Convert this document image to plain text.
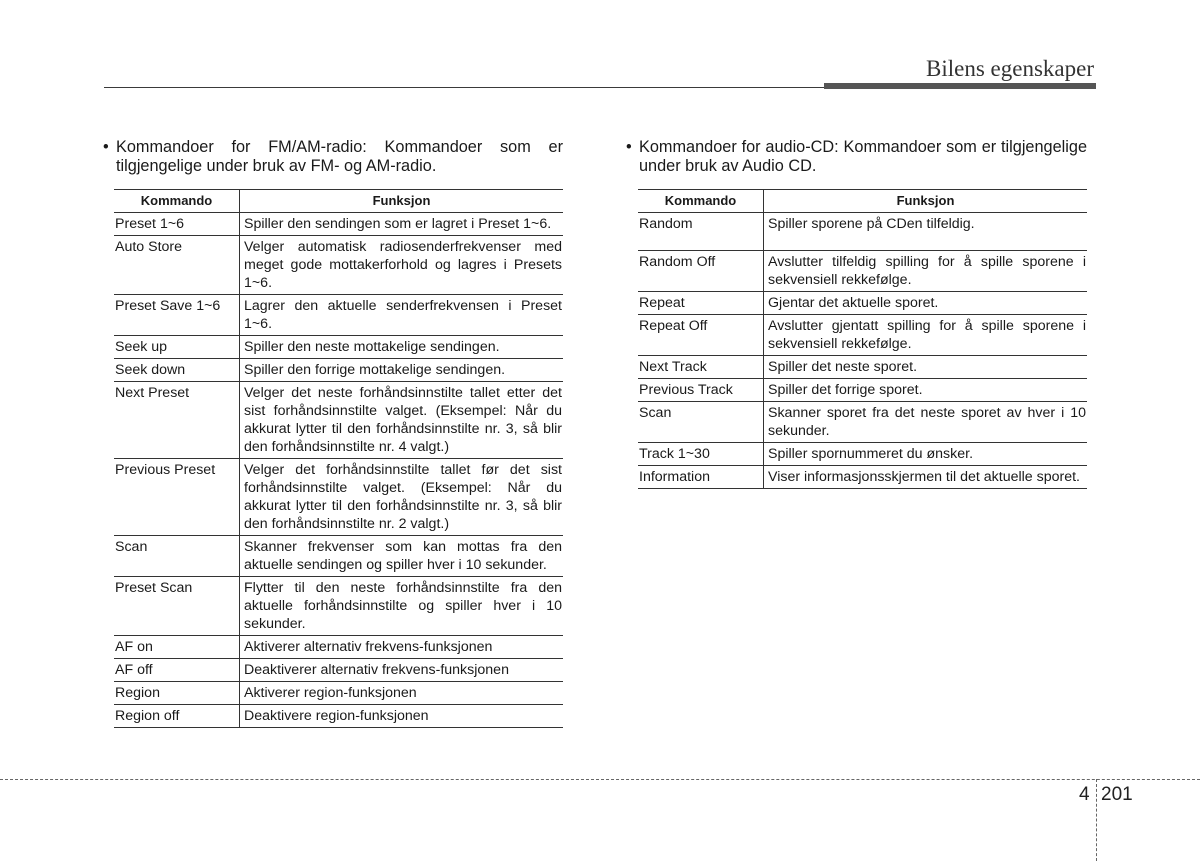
Bilens egenskaper

• Kommandoer for FM/AM-radio: Kommandoer som er tilgjengelige under bruk av FM- og AM-radio.

Kommando	Funksjon
Preset 1~6	Spiller den sendingen som er lagret i Preset 1~6.
Auto Store	Velger automatisk radiosenderfrekvenser med meget gode mottakerforhold og lagres i Presets 1~6.
Preset Save 1~6	Lagrer den aktuelle senderfrekvensen i Preset 1~6.
Seek up	Spiller den neste mottakelige sendingen.
Seek down	Spiller den forrige mottakelige sendingen.
Next Preset	Velger det neste forhåndsinnstilte tallet etter det sist forhåndsinnstilte valget. (Eksempel: Når du akkurat lytter til den forhåndsinnstilte nr. 3, så blir den forhåndsinnstilte nr. 4 valgt.)
Previous Preset	Velger det forhåndsinnstilte tallet før det sist forhåndsinnstilte valget. (Eksempel: Når du akkurat lytter til den forhåndsinnstilte nr. 3, så blir den forhåndsinnstilte nr. 2 valgt.)
Scan	Skanner frekvenser som kan mottas fra den aktuelle sendingen og spiller hver i 10 sekunder.
Preset Scan	Flytter til den neste forhåndsinnstilte fra den aktuelle forhåndsinnstilte og spiller hver i 10 sekunder.
AF on	Aktiverer alternativ frekvens-funksjonen
AF off	Deaktiverer alternativ frekvens-funksjonen
Region	Aktiverer region-funksjonen
Region off	Deaktivere region-funksjonen

• Kommandoer for audio-CD: Kommandoer som er tilgjengelige under bruk av Audio CD.

Kommando	Funksjon
Random	Spiller sporene på CDen tilfeldig.
Random Off	Avslutter tilfeldig spilling for å spille sporene i sekvensiell rekkefølge.
Repeat	Gjentar det aktuelle sporet.
Repeat Off	Avslutter gjentatt spilling for å spille sporene i sekvensiell rekkefølge.
Next Track	Spiller det neste sporet.
Previous Track	Spiller det forrige sporet.
Scan	Skanner sporet fra det neste sporet av hver i 10 sekunder.
Track 1~30	Spiller spornummeret du ønsker.
Information	Viser informasjonsskjermen til det aktuelle sporet.
4 201
